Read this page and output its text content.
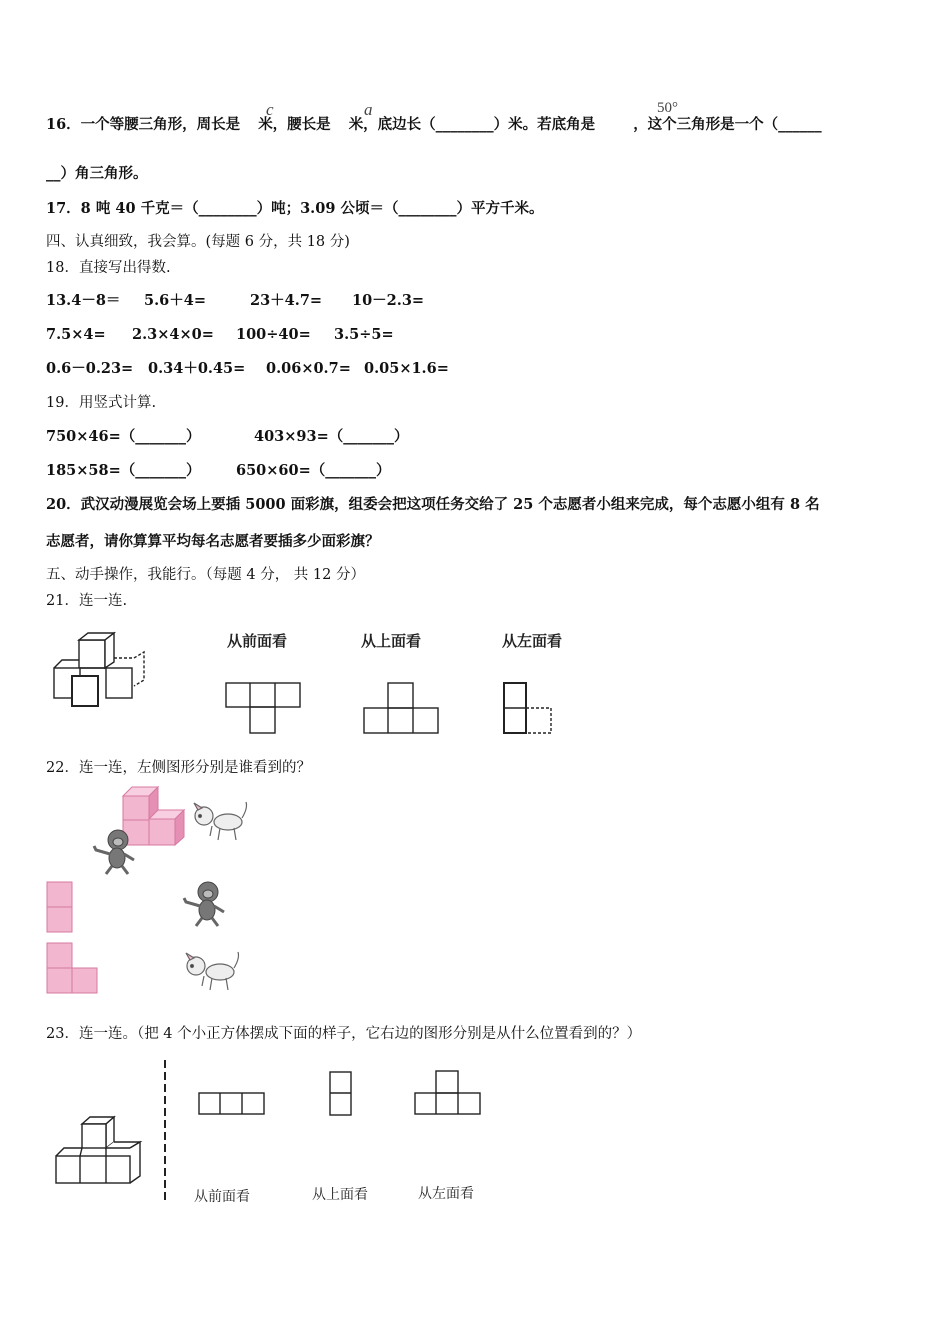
16．一个等腰三角形，周长是 米，腰长是 米，底边长（________）米。若底角是	，这个三角形是一个（______
c	a	50°
__）角三角形。
17．8 吨 40 千克＝（________）吨；3.09 公顷＝（________）平方千米。
四、认真细致，我会算。(每题 6 分，共 18 分)
18．直接写出得数.
13.4－8＝ 5.6＋4=	23＋4.7= 10－2.3=
7.5×4= 2.3×4×0= 100÷40= 3.5÷5=
0.6－0.23= 0.34＋0.45= 0.06×0.7= 0.05×1.6=
19．用竖式计算.
750×46=（_______）	403×93=（_______）
185×58=（_______） 650×60=（_______）
20．武汉动漫展览会场上要插 5000 面彩旗，组委会把这项任务交给了 25 个志愿者小组来完成，每个志愿小组有 8 名
志愿者，请你算算平均每名志愿者要插多少面彩旗？
五、动手操作，我能行。（每题 4 分， 共 12 分）
21．连一连.
从前面看	从上面看	从左面看
22．连一连，左侧图形分别是谁看到的？
23．连一连。（把 4 个小正方体摆成下面的样子，它右边的图形分别是从什么位置看到的？）
从前面看	从上面看	从左面看
